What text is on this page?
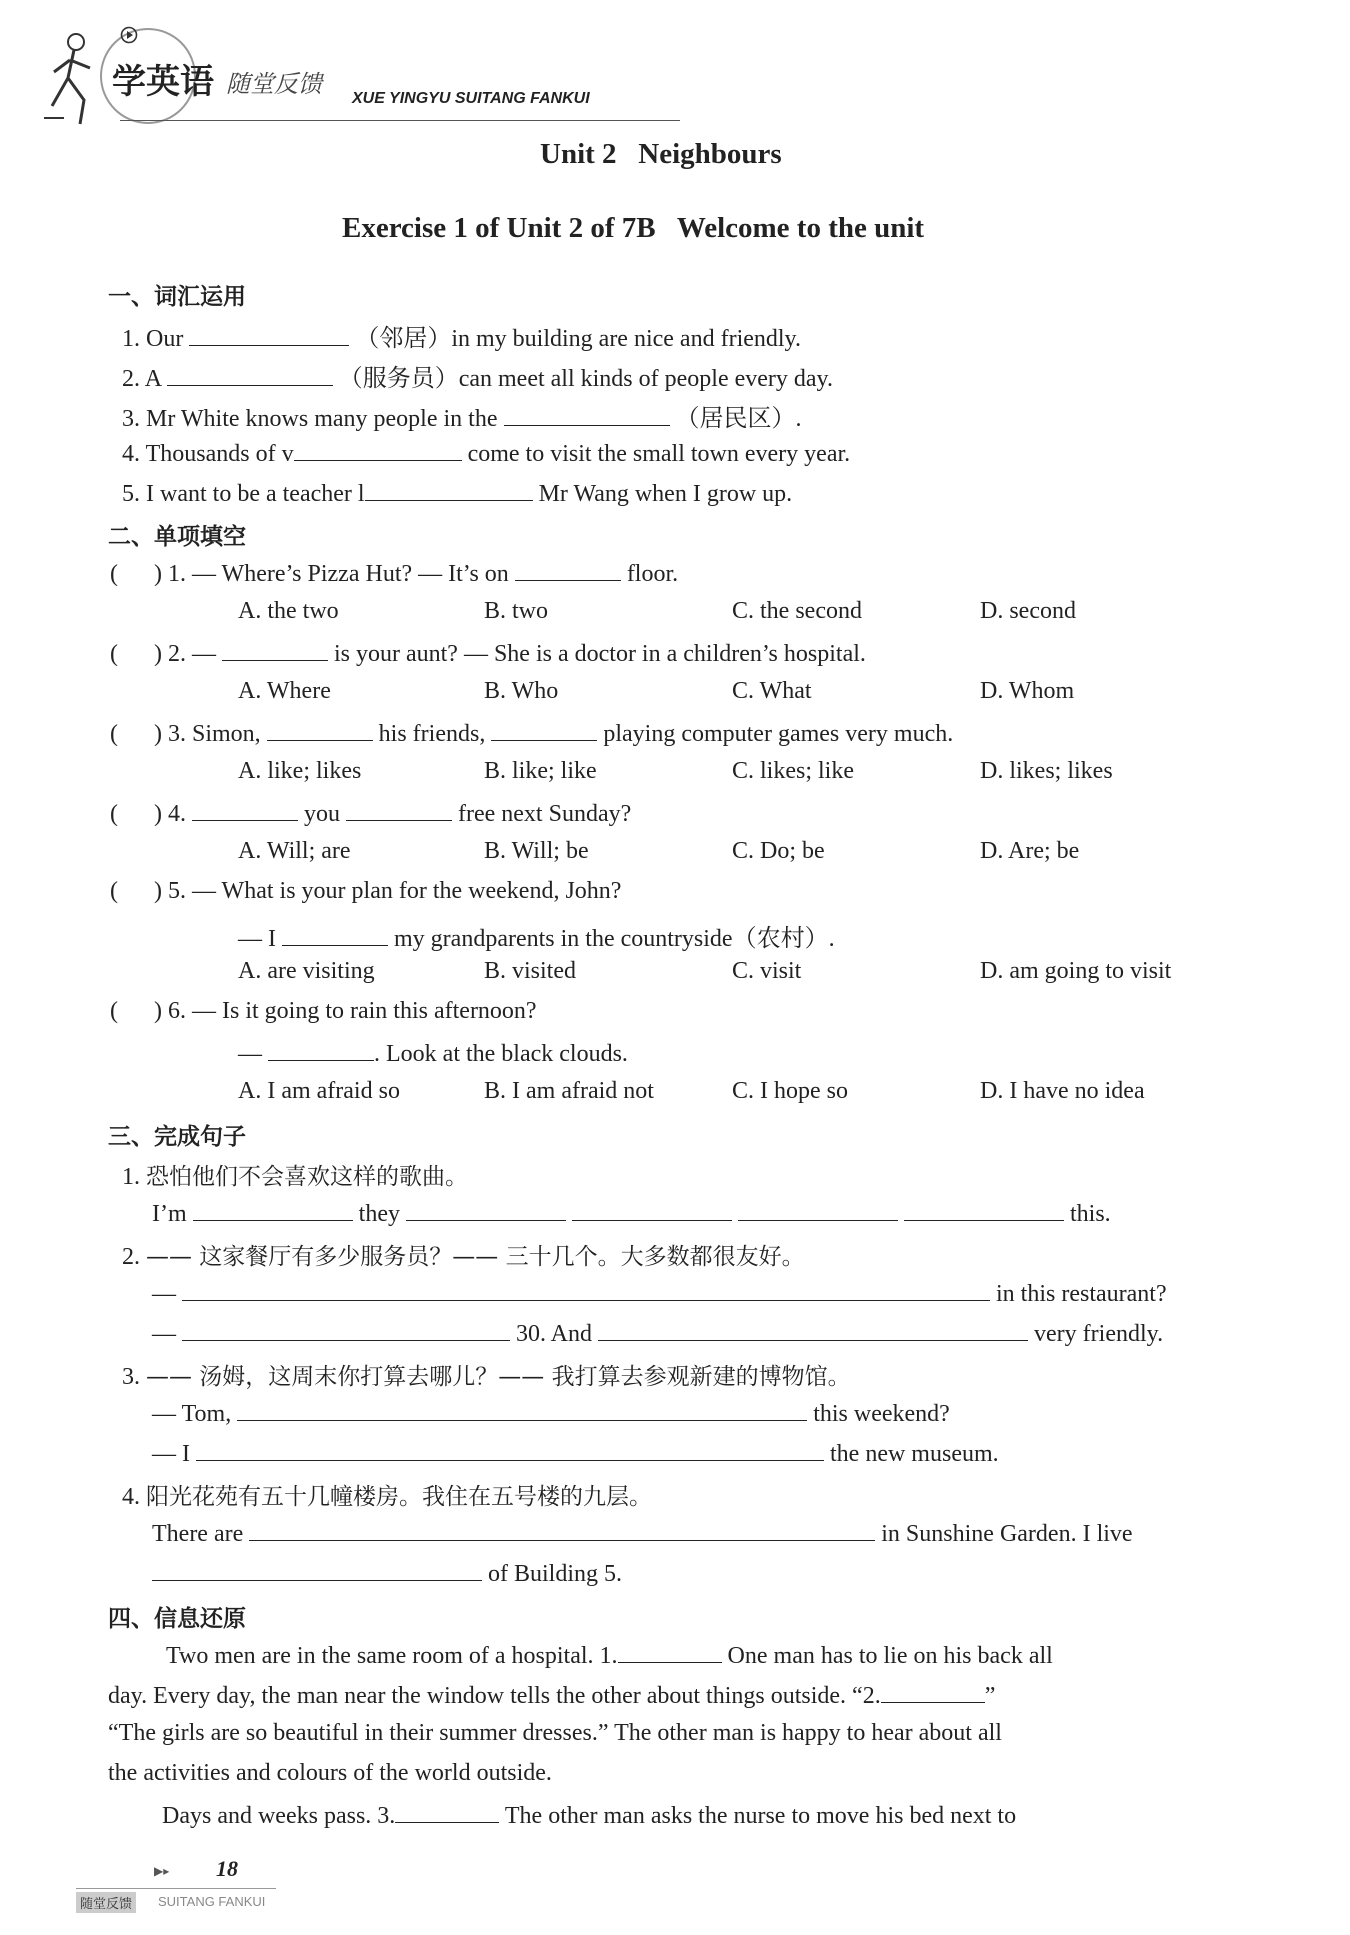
学英语 随堂反馈
XUE YINGYU SUITANG FANKUI
Unit 2   Neighbours
Exercise 1 of Unit 2 of 7B   Welcome to the unit
一、词汇运用
1. Our	（邻居）in my building are nice and friendly.
2. A	（服务员）can meet all kinds of people every day.
3. Mr White knows many people in the	（居民区）.
4. Thousands of v	come to visit the small town every year.
5. I want to be a teacher l	Mr Wang when I grow up.
二、单项填空
(      ) 1. — Where’s Pizza Hut? — It’s on	floor.
A. the two	B. two	C. the second	D. second
(      ) 2. —	is your aunt? — She is a doctor in a children’s hospital.
A. Where	B. Who	C. What	D. Whom
(      ) 3. Simon,	his friends,	playing computer games very much.
A. like; likes	B. like; like	C. likes; like	D. likes; likes
(      ) 4.	you	free next Sunday?
A. Will; are	B. Will; be	C. Do; be	D. Are; be
(      ) 5. — What is your plan for the weekend, John?
— I	my grandparents in the countryside（农村）.
A. are visiting	B. visited	C. visit	D. am going to visit
(      ) 6. — Is it going to rain this afternoon?
—	. Look at the black clouds.
A. I am afraid so	B. I am afraid not	C. I hope so	D. I have no idea
三、完成句子
1. 恐怕他们不会喜欢这样的歌曲。
I’m	they	this.
2. —— 这家餐厅有多少服务员？—— 三十几个。大多数都很友好。
—	in this restaurant?
—	30. And	very friendly.
3. —— 汤姆，这周末你打算去哪儿？—— 我打算去参观新建的博物馆。
— Tom,	this weekend?
— I	the new museum.
4. 阳光花苑有五十几幢楼房。我住在五号楼的九层。
There are	in Sunshine Garden. I live
of Building 5.
四、信息还原
Two men are in the same room of a hospital. 1.	One man has to lie on his back all
day. Every day, the man near the window tells the other about things outside. “2.	”
“The girls are so beautiful in their summer dresses.” The other man is happy to hear about all
the activities and colours of the world outside.
Days and weeks pass. 3.	The other man asks the nurse to move his bed next to
▶▸ 18
随堂反馈	SUITANG FANKUI
